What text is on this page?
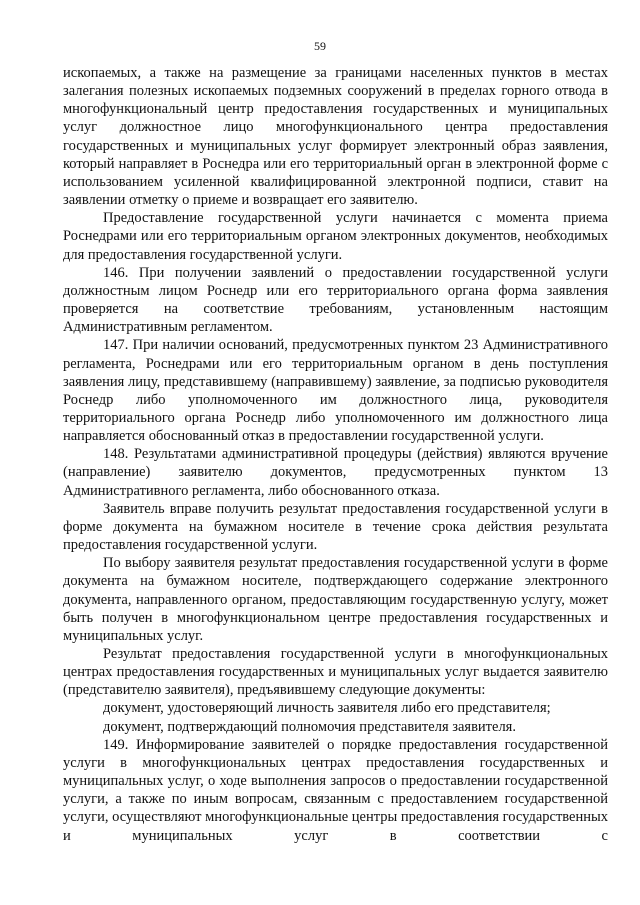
59

ископаемых, а также на размещение за границами населенных пунктов в местах залегания полезных ископаемых подземных сооружений в пределах горного отвода в многофункциональный центр предоставления государственных и муниципальных услуг должностное лицо многофункционального центра предоставления государственных и муниципальных услуг формирует электронный образ заявления, который направляет в Роснедра или его территориальный орган в электронной форме с использованием усиленной квалифицированной электронной подписи, ставит на заявлении отметку о приеме и возвращает его заявителю.

Предоставление государственной услуги начинается с момента приема Роснедрами или его территориальным органом электронных документов, необходимых для предоставления государственной услуги.

146. При получении заявлений о предоставлении государственной услуги должностным лицом Роснедр или его территориального органа форма заявления проверяется на соответствие требованиям, установленным настоящим Административным регламентом.

147. При наличии оснований, предусмотренных пунктом 23 Административного регламента, Роснедрами или его территориальным органом в день поступления заявления лицу, представившему (направившему) заявление, за подписью руководителя Роснедр либо уполномоченного им должностного лица, руководителя территориального органа Роснедр либо уполномоченного им должностного лица направляется обоснованный отказ в предоставлении государственной услуги.

148. Результатами административной процедуры (действия) являются вручение (направление) заявителю документов, предусмотренных пунктом 13 Административного регламента, либо обоснованного отказа.

Заявитель вправе получить результат предоставления государственной услуги в форме документа на бумажном носителе в течение срока действия результата предоставления государственной услуги.

По выбору заявителя результат предоставления государственной услуги в форме документа на бумажном носителе, подтверждающего содержание электронного документа, направленного органом, предоставляющим государственную услугу, может быть получен в многофункциональном центре предоставления государственных и муниципальных услуг.

Результат предоставления государственной услуги в многофункциональных центрах предоставления государственных и муниципальных услуг выдается заявителю (представителю заявителя), предъявившему следующие документы:

документ, удостоверяющий личность заявителя либо его представителя;

документ, подтверждающий полномочия представителя заявителя.

149. Информирование заявителей о порядке предоставления государственной услуги в многофункциональных центрах предоставления государственных и муниципальных услуг, о ходе выполнения запросов о предоставлении государственной услуги, а также по иным вопросам, связанным с предоставлением государственной услуги, осуществляют многофункциональные центры предоставления государственных и муниципальных услуг в соответствии с
